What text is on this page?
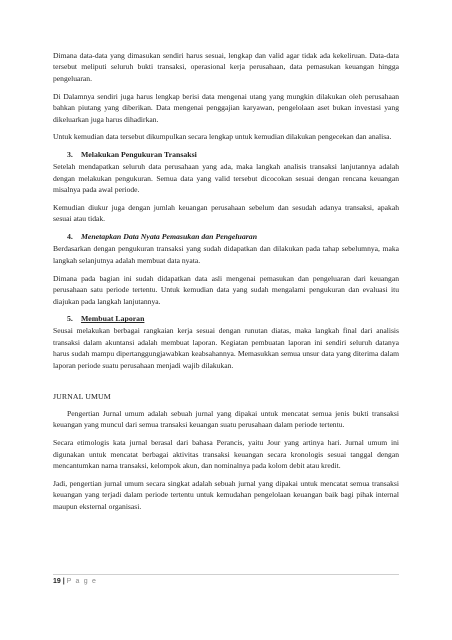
Dimana data-data yang dimasukan sendiri harus sesuai, lengkap dan valid agar tidak ada kekeliruan. Data-data tersebut meliputi seluruh bukti transaksi, operasional kerja perusahaan, data pemasukan keuangan hingga pengeluaran.

Di Dalamnya sendiri juga harus lengkap berisi data mengenai utang yang mungkin dilakukan oleh perusahaan bahkan piutang yang diberikan. Data mengenai penggajian karyawan, pengelolaan aset bukan investasi yang dikeluarkan juga harus dihadirkan.

Untuk kemudian data tersebut dikumpulkan secara lengkap untuk kemudian dilakukan pengecekan dan analisa.

3. Melakukan Pengukuran Transaksi

Setelah mendapatkan seluruh data perusahaan yang ada, maka langkah analisis transaksi lanjutannya adalah dengan melakukan pengukuran. Semua data yang valid tersebut dicocokan sesuai dengan rencana keuangan misalnya pada awal periode.

Kemudian diukur juga dengan jumlah keuangan perusahaan sebelum dan sesudah adanya transaksi, apakah sesuai atau tidak.

4. Menetapkan Data Nyata Pemasukan dan Pengeluaran

Berdasarkan dengan pengukuran transaksi yang sudah didapatkan dan dilakukan pada tahap sebelumnya, maka langkah selanjutnya adalah membuat data nyata.

Dimana pada bagian ini sudah didapatkan data asli mengenai pemasukan dan pengeluaran dari keuangan perusahaan satu periode tertentu. Untuk kemudian data yang sudah mengalami pengukuran dan evaluasi itu diajukan pada langkah lanjutannya.

5. Membuat Laporan

Seusai melakukan berbagai rangkaian kerja sesuai dengan runutan diatas, maka langkah final dari analisis transaksi dalam akuntansi adalah membuat laporan. Kegiatan pembuatan laporan ini sendiri seluruh datanya harus sudah mampu dipertanggungjawabkan keabsahannya. Memasukkan semua unsur data yang diterima dalam laporan periode suatu perusahaan menjadi wajib dilakukan.

JURNAL UMUM

Pengertian Jurnal umum adalah sebuah jurnal yang dipakai untuk mencatat semua jenis bukti transaksi keuangan yang muncul dari semua transaksi keuangan suatu perusahaan dalam periode tertentu.

Secara etimologis kata jurnal berasal dari bahasa Perancis, yaitu Jour yang artinya hari. Jurnal umum ini digunakan untuk mencatat berbagai aktivitas transaksi keuangan secara kronologis sesuai tanggal dengan mencantumkan nama transaksi, kelompok akun, dan nominalnya pada kolom debit atau kredit.

Jadi, pengertian jurnal umum secara singkat adalah sebuah jurnal yang dipakai untuk mencatat semua transaksi keuangan yang terjadi dalam periode tertentu untuk kemudahan pengelolaan keuangan baik bagi pihak internal maupun eksternal organisasi.

19 | P a g e
